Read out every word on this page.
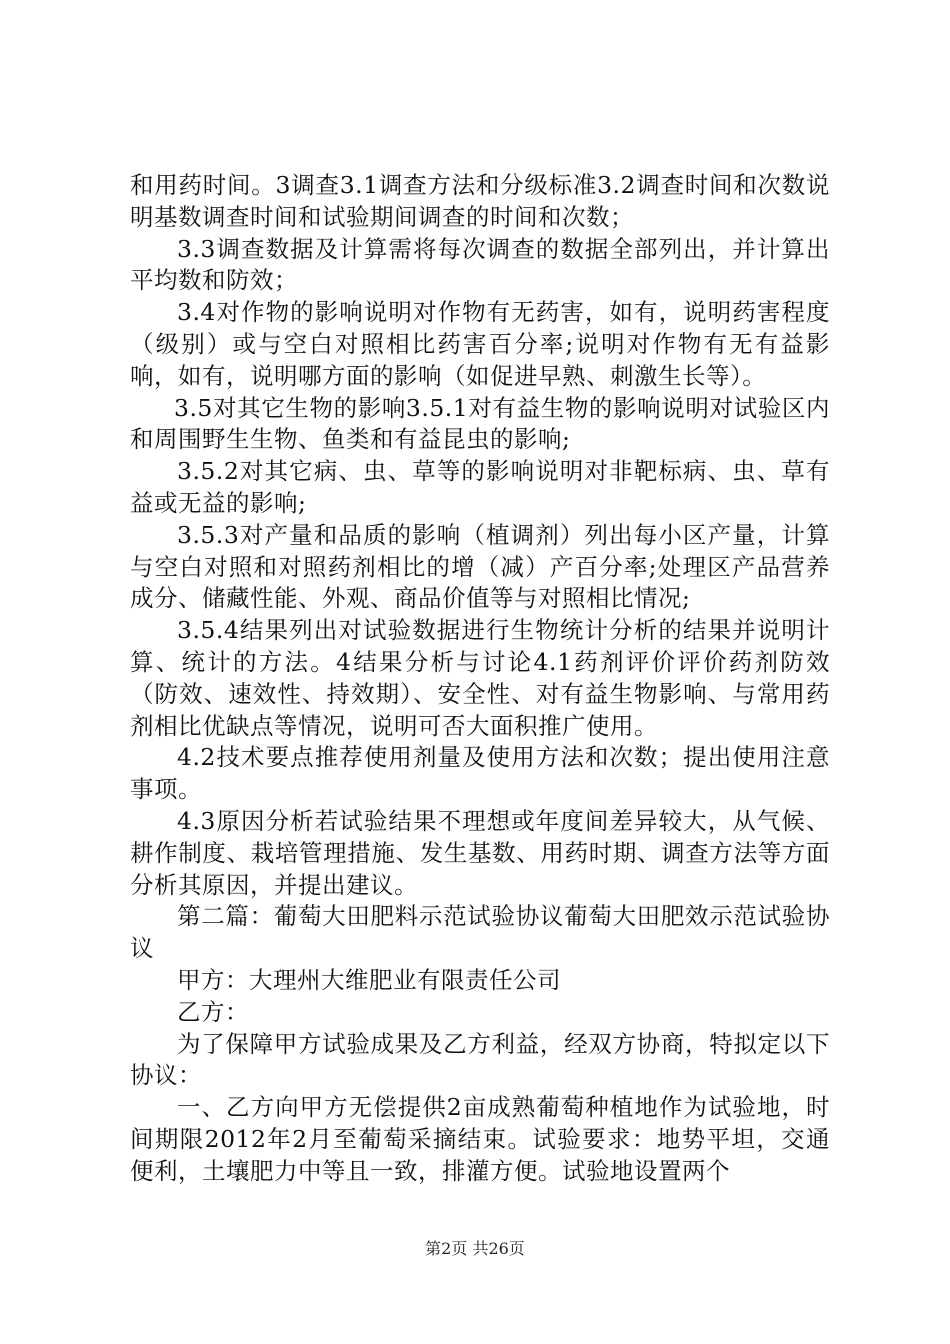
和用药时间。3调查3.1调查方法和分级标准3.2调查时间和次数说明基数调查时间和试验期间调查的时间和次数；

3.3调查数据及计算需将每次调查的数据全部列出，并计算出平均数和防效；

3.4对作物的影响说明对作物有无药害，如有，说明药害程度（级别）或与空白对照相比药害百分率;说明对作物有无有益影响，如有，说明哪方面的影响（如促进早熟、刺激生长等）。

3.5对其它生物的影响3.5.1对有益生物的影响说明对试验区内和周围野生生物、鱼类和有益昆虫的影响;

3.5.2对其它病、虫、草等的影响说明对非靶标病、虫、草有益或无益的影响;

3.5.3对产量和品质的影响（植调剂）列出每小区产量，计算与空白对照和对照药剂相比的增（减）产百分率;处理区产品营养成分、储藏性能、外观、商品价值等与对照相比情况;

3.5.4结果列出对试验数据进行生物统计分析的结果并说明计算、统计的方法。4结果分析与讨论4.1药剂评价评价药剂防效（防效、速效性、持效期）、安全性、对有益生物影响、与常用药剂相比优缺点等情况，说明可否大面积推广使用。

4.2技术要点推荐使用剂量及使用方法和次数；提出使用注意事项。

4.3原因分析若试验结果不理想或年度间差异较大，从气候、耕作制度、栽培管理措施、发生基数、用药时期、调查方法等方面分析其原因，并提出建议。

第二篇：葡萄大田肥料示范试验协议葡萄大田肥效示范试验协议

甲方：大理州大维肥业有限责任公司

乙方：

为了保障甲方试验成果及乙方利益，经双方协商，特拟定以下协议：

一、乙方向甲方无偿提供2亩成熟葡萄种植地作为试验地，时间期限2012年2月至葡萄采摘结束。试验要求：地势平坦，交通便利，土壤肥力中等且一致，排灌方便。试验地设置两个

第2页 共26页
